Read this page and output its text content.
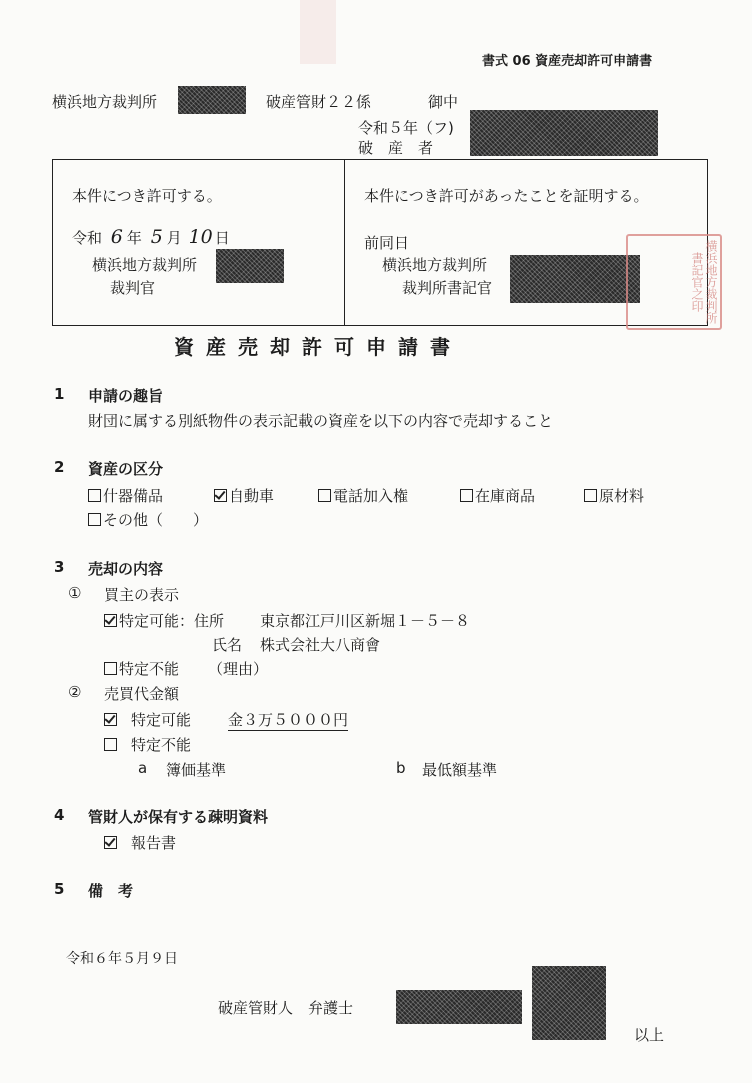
書式 06 資産売却許可申請書
横浜地方裁判所	破産管財２２係	御中
令和５年（フ)
破　産　者
本件につき許可する。
令和 6 年 5 月 10 日
横浜地方裁判所
裁判官
本件につき許可があったことを証明する。
前同日
横浜地方裁判所
裁判所書記官	横浜地方裁判所書記官之印
資産売却許可申請書
1 申請の趣旨
財団に属する別紙物件の表示記載の資産を以下の内容で売却すること
2 資産の区分
什器備品	自動車	電話加入権	在庫商品	原材料
その他（　　）
3 売却の内容
① 買主の表示
特定可能：住所 東京都江戸川区新堀１－５－８
氏名 株式会社大八商會
特定不能 （理由）
② 売買代金額
特定可能 金３万５０００円
特定不能
a 簿価基準	b 最低額基準
4 管財人が保有する疎明資料
報告書
5 備　考
令和６年５月９日
破産管財人　弁護士
以上
